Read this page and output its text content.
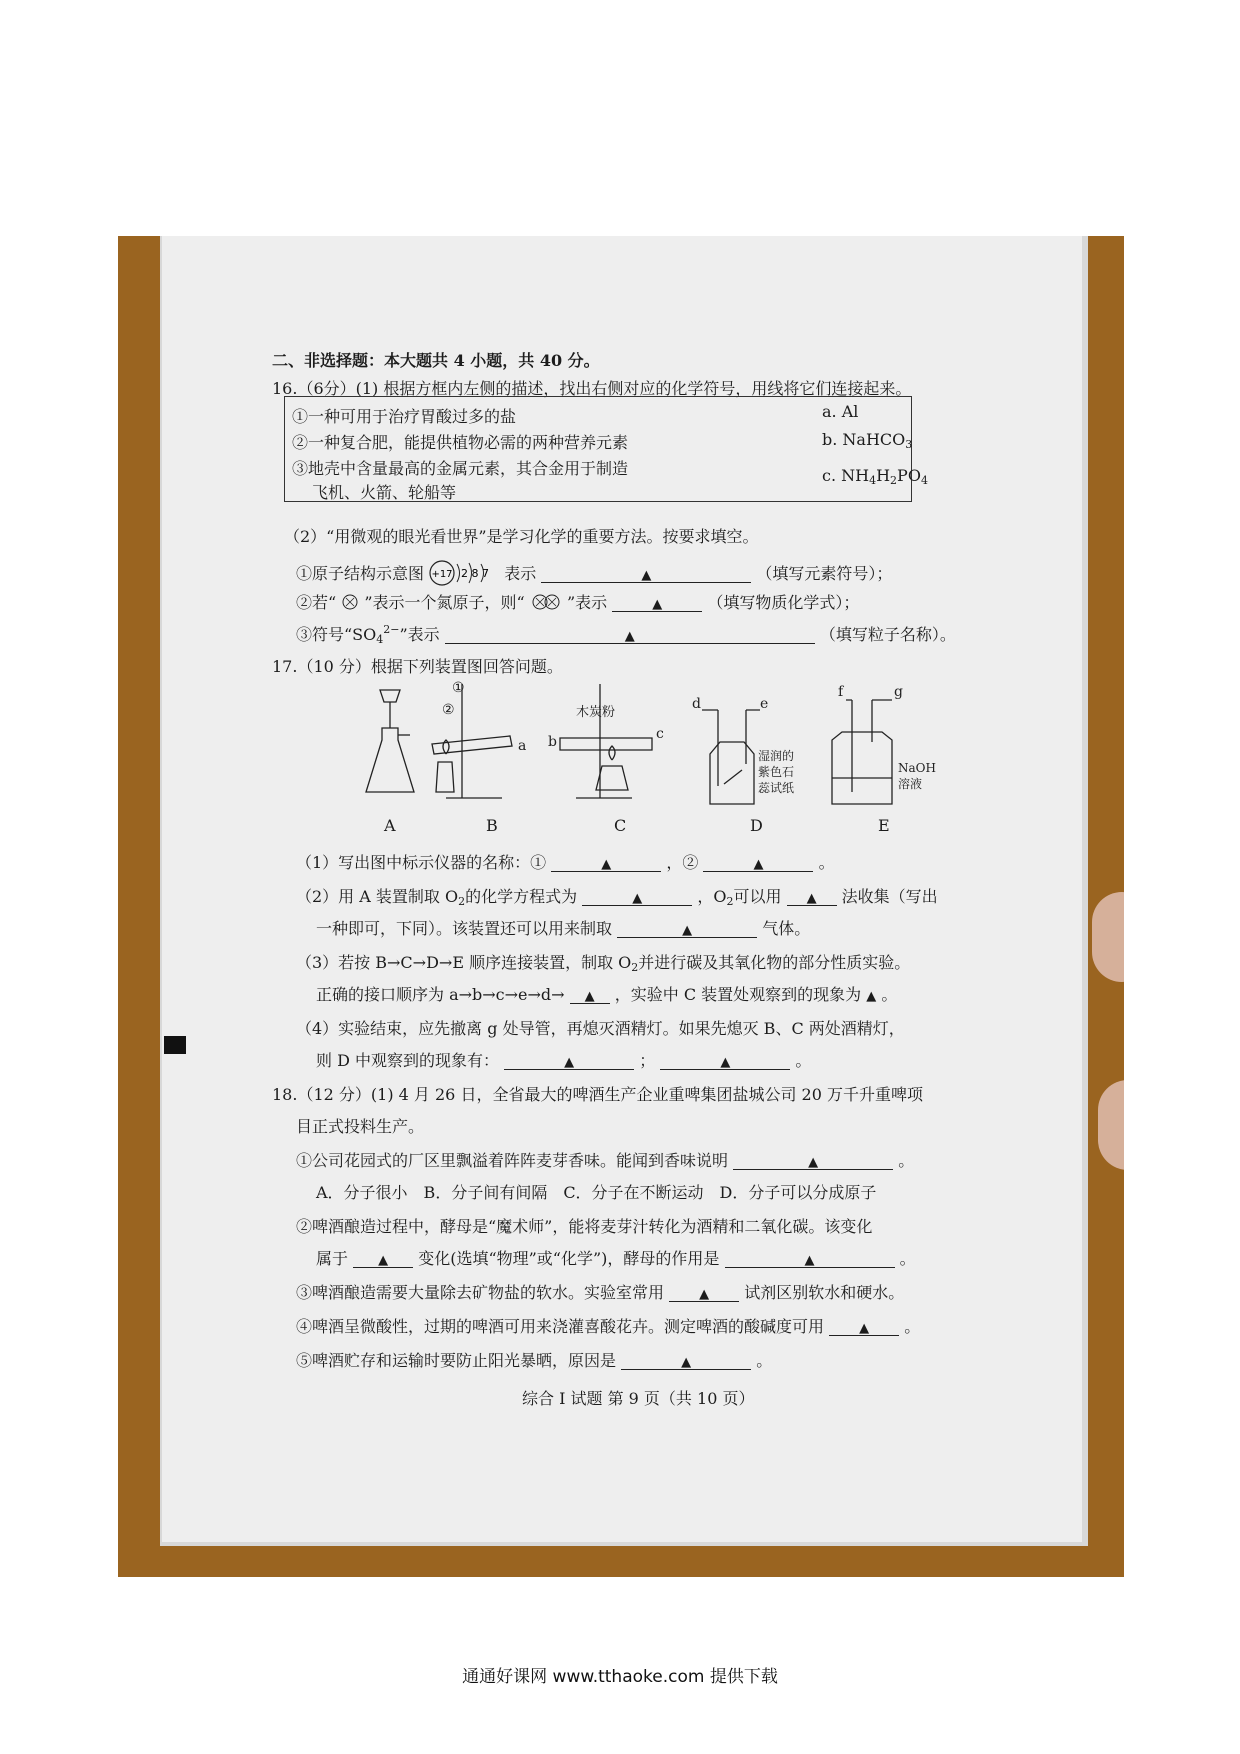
二、非选择题：本大题共 4 小题，共 40 分。
16.（6分）(1) 根据方框内左侧的描述，找出右侧对应的化学符号，用线将它们连接起来。
①一种可用于治疗胃酸过多的盐
②一种复合肥，能提供植物必需的两种营养元素
③地壳中含量最高的金属元素，其合金用于制造
飞机、火箭、轮船等
a. Al
b. NaHCO$_3$
c. $NH_4H_2PO_4$
（2）“用微观的眼光看世界”是学习化学的重要方法。按要求填空。
①原子结构示意图 +17 2 8 7 表示	▲	（填写元素符号）；
②若“ ”表示一个氮原子，则“	”表示	▲	（填写物质化学式）；
③符号“$SO_4^{2-}$”表示	▲	（填写粒子名称）。
17.（10 分）根据下列装置图回答问题。
①
②
a
木炭粉
b	c
d	e
f	g
湿润的
紫色石
蕊试纸
NaOH
溶液
A	B	C	D	E
（1）写出图中标示仪器的名称：①	▲	，②	▲	。
（2）用 A 装置制取 $O_2$的化学方程式为	▲	，$O_2$可以用 ▲ 法收集（写出
一种即可，下同）。该装置还可以用来制取	▲	气体。
（3）若按 B→C→D→E 顺序连接装置，制取 $O_2$并进行碳及其氧化物的部分性质实验。
正确的接口顺序为 a→b→c→e→d→ ▲ ，实验中 C 装置处观察到的现象为 ▲ 。
（4）实验结束，应先撤离 g 处导管，再熄灭酒精灯。如果先熄灭 B、C 两处酒精灯，
则 D 中观察到的现象有：	▲	；	▲	。
18.（12 分）(1) 4 月 26 日，全省最大的啤酒生产企业重啤集团盐城公司 20 万千升重啤项
目正式投料生产。
①公司花园式的厂区里飘溢着阵阵麦芽香味。能闻到香味说明	▲	。
A．分子很小　B．分子间有间隔　C．分子在不断运动　D．分子可以分成原子
②啤酒酿造过程中，酵母是“魔术师”，能将麦芽汁转化为酒精和二氧化碳。该变化
属于 ▲ 变化(选填“物理”或“化学”)，酵母的作用是	▲	。
③啤酒酿造需要大量除去矿物盐的软水。实验室常用	▲ 试剂区别软水和硬水。
④啤酒呈微酸性，过期的啤酒可用来浇灌喜酸花卉。测定啤酒的酸碱度可用	▲ 。
⑤啤酒贮存和运输时要防止阳光暴晒，原因是	▲	。
综合 I 试题 第 9 页（共 10 页）
通通好课网 www.tthaoke.com 提供下载
